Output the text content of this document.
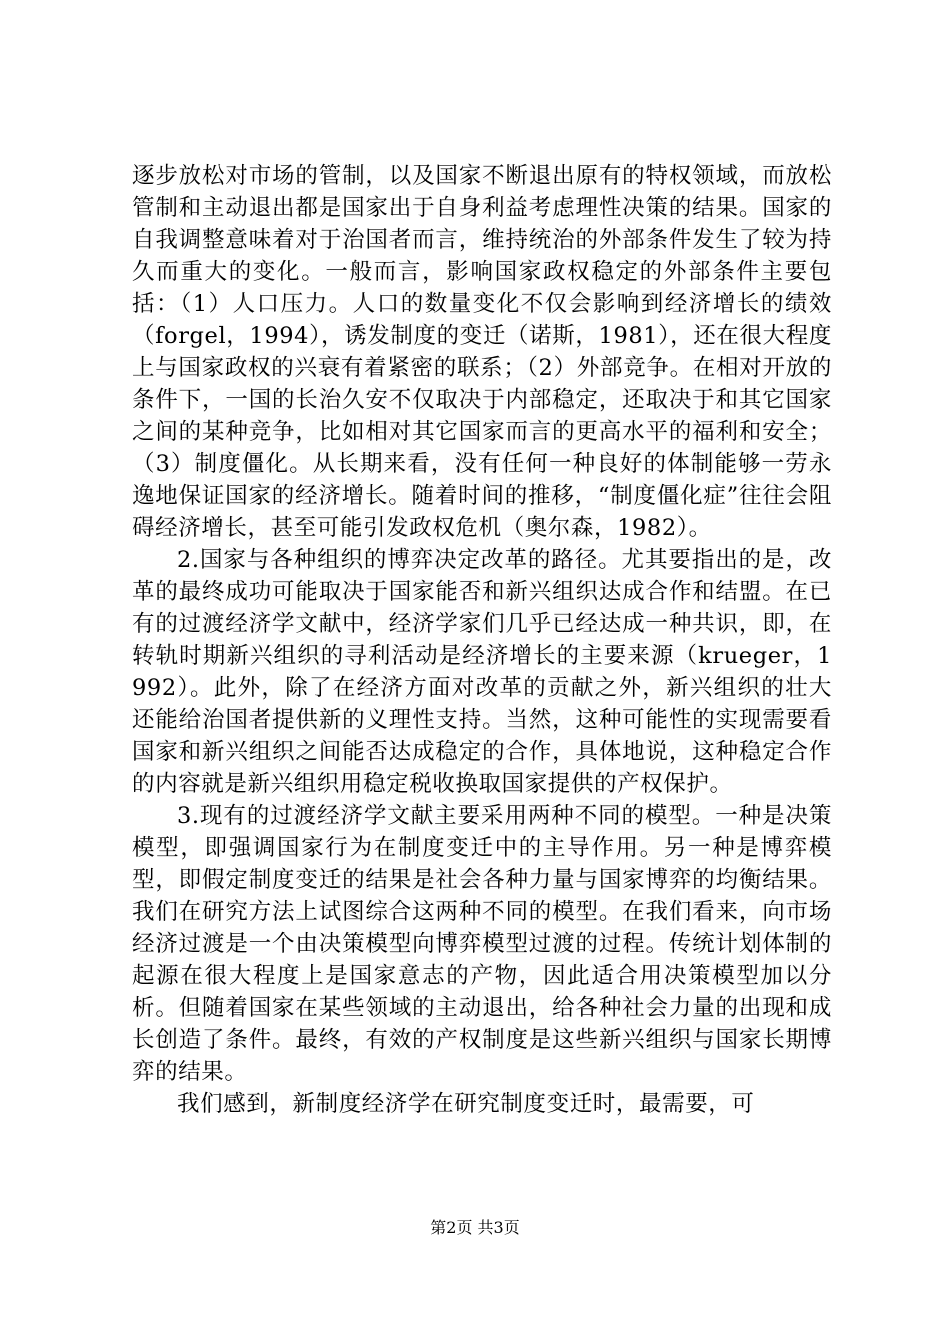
逐步放松对市场的管制，以及国家不断退出原有的特权领域，而放松管制和主动退出都是国家出于自身利益考虑理性决策的结果。国家的自我调整意味着对于治国者而言，维持统治的外部条件发生了较为持久而重大的变化。一般而言，影响国家政权稳定的外部条件主要包括：（1）人口压力。人口的数量变化不仅会影响到经济增长的绩效（forgel，1994），诱发制度的变迁（诺斯，1981），还在很大程度上与国家政权的兴衰有着紧密的联系；（2）外部竞争。在相对开放的条件下，一国的长治久安不仅取决于内部稳定，还取决于和其它国家之间的某种竞争，比如相对其它国家而言的更高水平的福利和安全；（3）制度僵化。从长期来看，没有任何一种良好的体制能够一劳永逸地保证国家的经济增长。随着时间的推移，“制度僵化症”往往会阻碍经济增长，甚至可能引发政权危机（奥尔森，1982）。

2.国家与各种组织的博弈决定改革的路径。尤其要指出的是，改革的最终成功可能取决于国家能否和新兴组织达成合作和结盟。在已有的过渡经济学文献中，经济学家们几乎已经达成一种共识，即，在转轨时期新兴组织的寻利活动是经济增长的主要来源（krueger，1992）。此外，除了在经济方面对改革的贡献之外，新兴组织的壮大还能给治国者提供新的义理性支持。当然，这种可能性的实现需要看国家和新兴组织之间能否达成稳定的合作，具体地说，这种稳定合作的内容就是新兴组织用稳定税收换取国家提供的产权保护。

3.现有的过渡经济学文献主要采用两种不同的模型。一种是决策模型，即强调国家行为在制度变迁中的主导作用。另一种是博弈模型，即假定制度变迁的结果是社会各种力量与国家博弈的均衡结果。我们在研究方法上试图综合这两种不同的模型。在我们看来，向市场经济过渡是一个由决策模型向博弈模型过渡的过程。传统计划体制的起源在很大程度上是国家意志的产物，因此适合用决策模型加以分析。但随着国家在某些领域的主动退出，给各种社会力量的出现和成长创造了条件。最终，有效的产权制度是这些新兴组织与国家长期博弈的结果。

我们感到，新制度经济学在研究制度变迁时，最需要，可

第2页 共3页
